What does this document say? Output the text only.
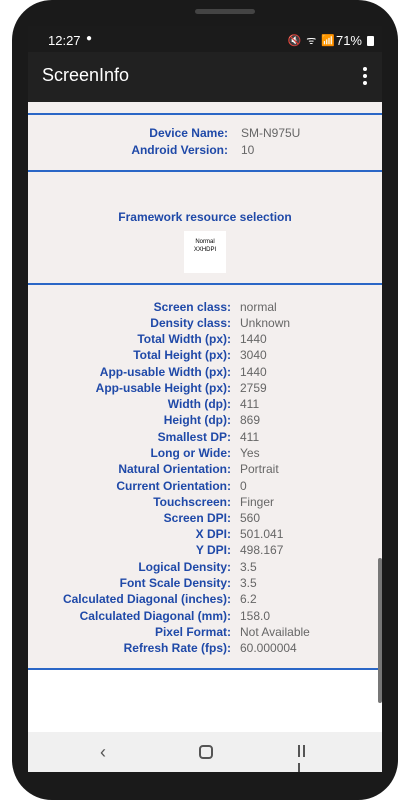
12:27 ●	🔇 ᯤ 📶 71%
ScreenInfo
Device Name: SM-N975U
Android Version: 10
Framework resource selection
Normal
XXHDPI
Screen class: normal
Density class: Unknown
Total Width (px): 1440
Total Height (px): 3040
App-usable Width (px): 1440
App-usable Height (px): 2759
Width (dp): 411
Height (dp): 869
Smallest DP: 411
Long or Wide: Yes
Natural Orientation: Portrait
Current Orientation: 0
Touchscreen: Finger
Screen DPI: 560
X DPI: 501.041
Y DPI: 498.167
Logical Density: 3.5
Font Scale Density: 3.5
Calculated Diagonal (inches): 6.2
Calculated Diagonal (mm): 158.0
Pixel Format: Not Available
Refresh Rate (fps): 60.000004
‹
